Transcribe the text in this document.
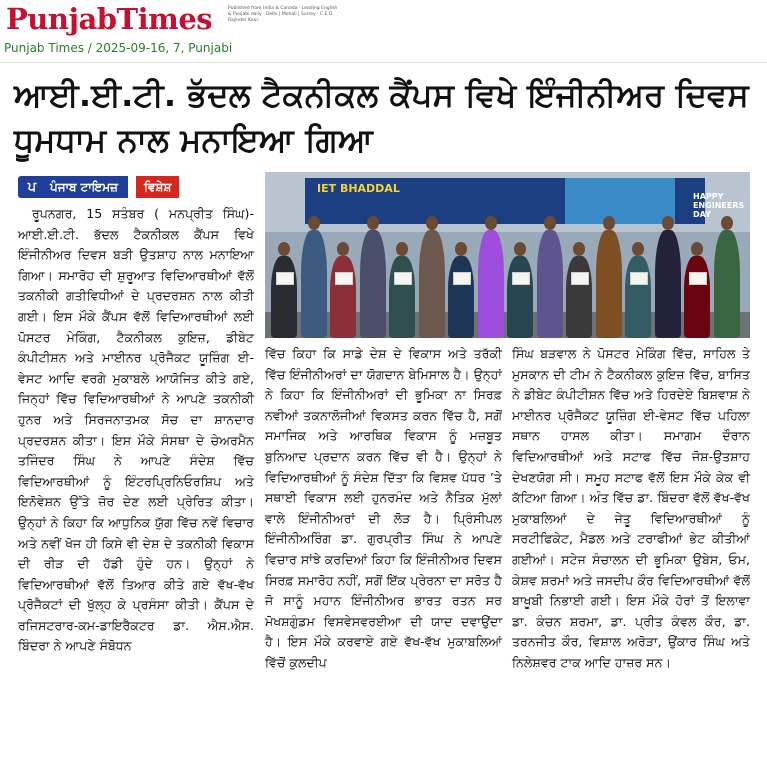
PunjabTimes	Published from India & Canada · Leading English & Punjabi daily · Delhi | Mohali | Surrey · C.E.O. Rajinder Kaur
Punjab Times / 2025-09-16, 7, Punjabi
ਆਈ.ਈ.ਟੀ. ਭੱਦਲ ਟੈਕਨੀਕਲ ਕੈਂਪਸ ਵਿਖੇ ਇੰਜੀਨੀਅਰ ਦਿਵਸ ਧੂਮਧਾਮ ਨਾਲ ਮਨਾਇਆ ਗਿਆ
ਪ	ਪੰਜਾਬ ਟਾਇਮਜ਼	ਵਿਸ਼ੇਸ਼	IET BHADDAL
HAPPY ENGINEERS DAY
ਰੂਪਨਗਰ, 15 ਸਤੰਬਰ ( ਮਨਪ੍ਰੀਤ ਸਿੰਘ)- ਆਈ.ਈ.ਟੀ. ਭੱਦਲ ਟੈਕਨੀਕਲ ਕੈਂਪਸ ਵਿਖੇ ਇੰਜੀਨੀਅਰ ਦਿਵਸ ਬੜੀ ਉਤਸ਼ਾਹ ਨਾਲ ਮਨਾਇਆ ਗਿਆ। ਸਮਾਰੋਹ ਦੀ ਸ਼ੁਰੂਆਤ ਵਿਦਿਆਰਥੀਆਂ ਵੱਲੋਂ ਤਕਨੀਕੀ ਗਤੀਵਿਧੀਆਂ ਦੇ ਪ੍ਰਦਰਸ਼ਨ ਨਾਲ ਕੀਤੀ ਗਈ। ਇਸ ਮੌਕੇ ਕੈਂਪਸ ਵੱਲੋਂ ਵਿਦਿਆਰਥੀਆਂ ਲਈ ਪੋਸਟਰ ਮੇਕਿੰਗ, ਟੈਕਨੀਕਲ ਕੁਇਜ਼, ਡੀਬੇਟ ਕੰਪੀਟੀਸ਼ਨ ਅਤੇ ਮਾਈਨਰ ਪ੍ਰੋਜੈਕਟ ਯੂਜ਼ਿੰਗ ਈ-ਵੇਸਟ ਆਦਿ ਵਰਗੇ ਮੁਕਾਬਲੇ ਆਯੋਜਿਤ ਕੀਤੇ ਗਏ, ਜਿਨ੍ਹਾਂ ਵਿੱਚ ਵਿਦਿਆਰਥੀਆਂ ਨੇ ਆਪਣੇ ਤਕਨੀਕੀ ਹੁਨਰ ਅਤੇ ਸਿਰਜਨਾਤਮਕ ਸੋਚ ਦਾ ਸ਼ਾਨਦਾਰ ਪ੍ਰਦਰਸ਼ਨ ਕੀਤਾ। ਇਸ ਮੌਕੇ ਸੰਸਥਾ ਦੇ ਚੇਅਰਮੈਨ ਤਜਿੰਦਰ ਸਿੰਘ ਨੇ ਆਪਣੇ ਸੰਦੇਸ਼ ਵਿੱਚ ਵਿਦਿਆਰਥੀਆਂ ਨੂੰ ਇੰਟਰਪ੍ਰਿਨਿਓਰਸ਼ਿਪ ਅਤੇ ਇਨੋਵੇਸ਼ਨ ਉੱਤੇ ਜ਼ੋਰ ਦੇਣ ਲਈ ਪ੍ਰੇਰਿਤ ਕੀਤਾ। ਉਨ੍ਹਾਂ ਨੇ ਕਿਹਾ ਕਿ ਆਧੁਨਿਕ ਯੁੱਗ ਵਿੱਚ ਨਵੇਂ ਵਿਚਾਰ ਅਤੇ ਨਵੀਂ ਖੋਜ ਹੀ ਕਿਸੇ ਵੀ ਦੇਸ਼ ਦੇ ਤਕਨੀਕੀ ਵਿਕਾਸ ਦੀ ਰੀੜ ਦੀ ਹੱਡੀ ਹੁੰਦੇ ਹਨ। ਉਨ੍ਹਾਂ ਨੇ ਵਿਦਿਆਰਥੀਆਂ ਵੱਲੋਂ ਤਿਆਰ ਕੀਤੇ ਗਏ ਵੱਖ-ਵੱਖ ਪ੍ਰੋਜੈਕਟਾਂ ਦੀ ਖੁੱਲ੍ਹ ਕੇ ਪ੍ਰਸੰਸਾ ਕੀਤੀ। ਕੈਂਪਸ ਦੇ ਰਜਿਸਟਰਾਰ-ਕਮ-ਡਾਇਰੈਕਟਰ ਡਾ. ਐਸ.ਐਸ. ਬਿੰਦਰਾ ਨੇ ਆਪਣੇ ਸੰਬੋਧਨ
ਵਿੱਚ ਕਿਹਾ ਕਿ ਸਾਡੇ ਦੇਸ਼ ਦੇ ਵਿਕਾਸ ਅਤੇ ਤਰੱਕੀ ਵਿੱਚ ਇੰਜੀਨੀਅਰਾਂ ਦਾ ਯੋਗਦਾਨ ਬੇਮਿਸਾਲ ਹੈ। ਉਨ੍ਹਾਂ ਨੇ ਕਿਹਾ ਕਿ ਇੰਜੀਨੀਅਰਾਂ ਦੀ ਭੂਮਿਕਾ ਨਾ ਸਿਰਫ਼ ਨਵੀਆਂ ਤਕਨਾਲੋਜੀਆਂ ਵਿਕਸਤ ਕਰਨ ਵਿੱਚ ਹੈ, ਸਗੋਂ ਸਮਾਜਿਕ ਅਤੇ ਆਰਥਿਕ ਵਿਕਾਸ ਨੂੰ ਮਜ਼ਬੂਤ ਬੁਨਿਆਦ ਪ੍ਰਦਾਨ ਕਰਨ ਵਿੱਚ ਵੀ ਹੈ। ਉਨ੍ਹਾਂ ਨੇ ਵਿਦਿਆਰਥੀਆਂ ਨੂੰ ਸੰਦੇਸ਼ ਦਿੱਤਾ ਕਿ ਵਿਸ਼ਵ ਪੱਧਰ ’ਤੇ ਸਥਾਈ ਵਿਕਾਸ ਲਈ ਹੁਨਰਮੰਦ ਅਤੇ ਨੈਤਿਕ ਮੁੱਲਾਂ ਵਾਲੇ ਇੰਜੀਨੀਅਰਾਂ ਦੀ ਲੋੜ ਹੈ। ਪ੍ਰਿੰਸੀਪਲ ਇੰਜੀਨੀਅਰਿੰਗ ਡਾ. ਗੁਰਪ੍ਰੀਤ ਸਿੰਘ ਨੇ ਆਪਣੇ ਵਿਚਾਰ ਸਾਂਝੇ ਕਰਦਿਆਂ ਕਿਹਾ ਕਿ ਇੰਜੀਨੀਅਰ ਦਿਵਸ ਸਿਰਫ਼ ਸਮਾਰੋਹ ਨਹੀਂ, ਸਗੋਂ ਇੱਕ ਪ੍ਰੇਰਨਾ ਦਾ ਸਰੋਤ ਹੈ ਜੋ ਸਾਨੂੰ ਮਹਾਨ ਇੰਜੀਨੀਅਰ ਭਾਰਤ ਰਤਨ ਸਰ ਮੋਖਸ਼ਗੁੰਡਮ ਵਿਸਵੇਸਵਰਈਆ ਦੀ ਯਾਦ ਦਵਾਉਂਦਾ ਹੈ। ਇਸ ਮੌਕੇ ਕਰਵਾਏ ਗਏ ਵੱਖ-ਵੱਖ ਮੁਕਾਬਲਿਆਂ ਵਿੱਚੋਂ ਕੁਲਦੀਪ
ਸਿੰਘ ਬੜਵਾਲ ਨੇ ਪੋਸਟਰ ਮੇਕਿੰਗ ਵਿੱਚ, ਸਾਹਿਲ ਤੇ ਮੁਸਕਾਨ ਦੀ ਟੀਮ ਨੇ ਟੈਕਨੀਕਲ ਕੁਇਜ਼ ਵਿੱਚ, ਬਾਸਿਤ ਨੇ ਡੀਬੇਟ ਕੰਪੀਟੀਸ਼ਨ ਵਿੱਚ ਅਤੇ ਹਿਰਦੇਏ ਬਿਸ਼ਵਾਸ਼ ਨੇ ਮਾਈਨਰ ਪ੍ਰੋਜੈਕਟ ਯੂਜ਼ਿੰਗ ਈ-ਵੇਸਟ ਵਿੱਚ ਪਹਿਲਾ ਸਥਾਨ ਹਾਸਲ ਕੀਤਾ। ਸਮਾਗਮ ਦੌਰਾਨ ਵਿਦਿਆਰਥੀਆਂ ਅਤੇ ਸਟਾਫ ਵਿੱਚ ਜੋਸ਼-ਉਤਸ਼ਾਹ ਦੇਖਣਯੋਗ ਸੀ। ਸਮੂਹ ਸਟਾਫ ਵੱਲੋਂ ਇਸ ਮੌਕੇ ਕੇਕ ਵੀ ਕੱਟਿਆ ਗਿਆ। ਅੰਤ ਵਿੱਚ ਡਾ. ਬਿੰਦਰਾ ਵੱਲੋਂ ਵੱਖ-ਵੱਖ ਮੁਕਾਬਲਿਆਂ ਦੇ ਜੇਤੂ ਵਿਦਿਆਰਥੀਆਂ ਨੂੰ ਸਰਟੀਫਿਕੇਟ, ਮੈਡਲ ਅਤੇ ਟਰਾਫੀਆਂ ਭੇਟ ਕੀਤੀਆਂ ਗਈਆਂ। ਸਟੇਜ ਸੰਚਾਲਨ ਦੀ ਭੂਮਿਕਾ ਉਬੇਸ, ਓਮ, ਕੇਸ਼ਵ ਸ਼ਰਮਾਂ ਅਤੇ ਜਸਦੀਪ ਕੌਰ ਵਿਦਿਆਰਥੀਆਂ ਵੱਲੋਂ ਬਾਖੂਬੀ ਨਿਭਾਈ ਗਈ। ਇਸ ਮੌਕੇ ਹੋਰਾਂ ਤੋਂ ਇਲਾਵਾ ਡਾ. ਕੰਚਨ ਸ਼ਰਮਾ, ਡਾ. ਪ੍ਰੀਤ ਕੰਵਲ ਕੌਰ, ਡਾ. ਤਰਨਜੀਤ ਕੌਰ, ਵਿਸ਼ਾਲ ਅਰੋੜਾ, ਉਂਕਾਰ ਸਿੰਘ ਅਤੇ ਨਿਲੇਸ਼ਵਰ ਟਾਕ ਆਦਿ ਹਾਜ਼ਰ ਸਨ।
